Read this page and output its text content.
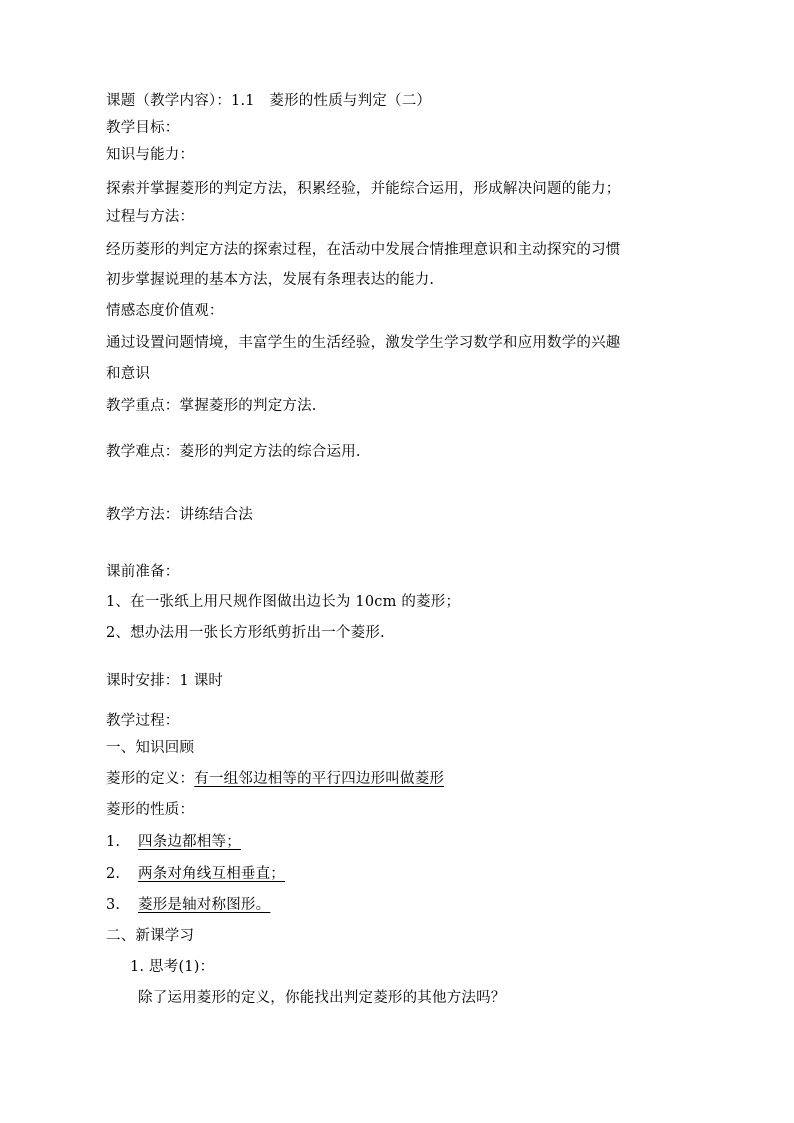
课题（教学内容）：1.1　菱形的性质与判定（二）
教学目标：
知识与能力：
探索并掌握菱形的判定方法，积累经验，并能综合运用，形成解决问题的能力；
过程与方法：
经历菱形的判定方法的探索过程，在活动中发展合情推理意识和主动探究的习惯
初步掌握说理的基本方法，发展有条理表达的能力.
情感态度价值观：
通过设置问题情境，丰富学生的生活经验，激发学生学习数学和应用数学的兴趣
和意识
教学重点：掌握菱形的判定方法.
教学难点：菱形的判定方法的综合运用.
教学方法：讲练结合法
课前准备：
1、在一张纸上用尺规作图做出边长为 10cm 的菱形；
2、想办法用一张长方形纸剪折出一个菱形.
课时安排：1 课时
教学过程：
一、知识回顾
菱形的定义：有一组邻边相等的平行四边形叫做菱形
菱形的性质：
1. 四条边都相等；
2. 两条对角线互相垂直；
3. 菱形是轴对称图形。
二、新课学习
1. 思考(1)：
除了运用菱形的定义，你能找出判定菱形的其他方法吗？
